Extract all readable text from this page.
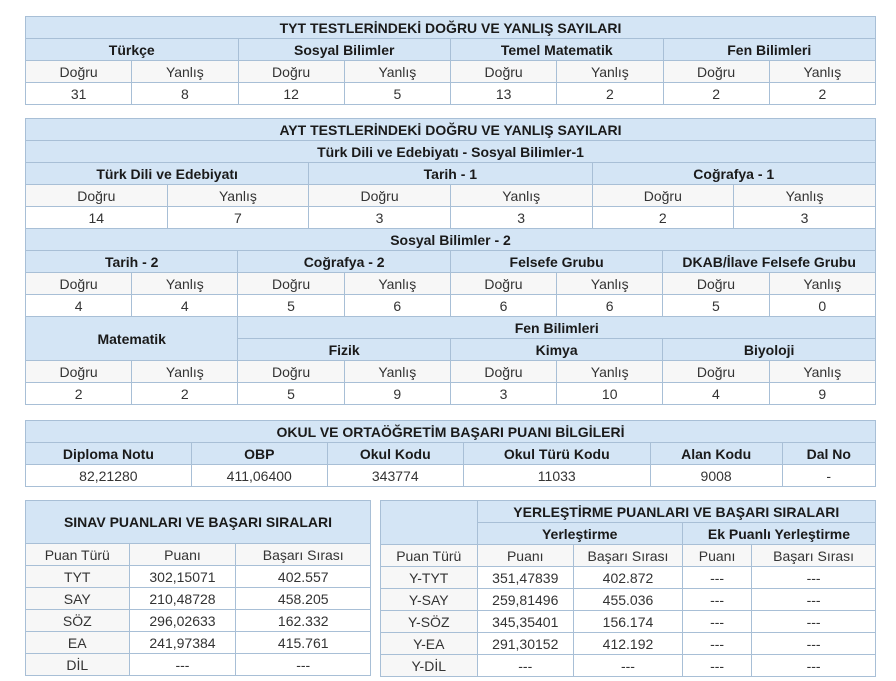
TYT TESTLERİNDEKİ DOĞRU VE YANLIŞ SAYILARI							
Türkçe		Sosyal Bilimler		Temel Matematik		Fen Bilimleri	
Doğru	Yanlış	Doğru	Yanlış	Doğru	Yanlış	Doğru	Yanlış
31	8	12	5	13	2	2	2
AYT TESTLERİNDEKİ DOĞRU VE YANLIŞ SAYILARI											
Türk Dili ve Edebiyatı - Sosyal Bilimler-1											
Türk Dili ve Edebiyatı				Tarih - 1				Coğrafya - 1			
Doğru		Yanlış		Doğru		Yanlış		Doğru		Yanlış	
14		7		3		3		2		3	
Sosyal Bilimler - 2											
Tarih - 2			Coğrafya - 2			Felsefe Grubu			DKAB/İlave Felsefe Grubu		
Doğru	Yanlış		Doğru		Yanlış	Doğru	Yanlış		Doğru		Yanlış
4	4		5		6	6	6		5		0
Matematik			Fen Bilimleri								
			Fizik			Kimya			Biyoloji		
Doğru	Yanlış		Doğru		Yanlış	Doğru	Yanlış		Doğru		Yanlış
2	2		5		9	3	10		4		9
OKUL VE ORTAÖĞRETİM BAŞARI PUANI BİLGİLERİ					
Diploma Notu	OBP	Okul Kodu	Okul Türü Kodu	Alan Kodu	Dal No
82,21280	411,06400	343774	11033	9008	-
SINAV PUANLARI VE BAŞARI SIRALARI		

Puan Türü	Puanı	Başarı Sırası
TYT	302,15071	402.557
SAY	210,48728	458.205
SÖZ	296,02633	162.332
EA	241,97384	415.761
DİL	---	---
	YERLEŞTİRME PUANLARI VE BAŞARI SIRALARI			
	Yerleştirme		Ek Puanlı Yerleştirme	
Puan Türü	Puanı	Başarı Sırası	Puanı	Başarı Sırası
Y-TYT	351,47839	402.872	---	---
Y-SAY	259,81496	455.036	---	---
Y-SÖZ	345,35401	156.174	---	---
Y-EA	291,30152	412.192	---	---
Y-DİL	---	---	---	---
